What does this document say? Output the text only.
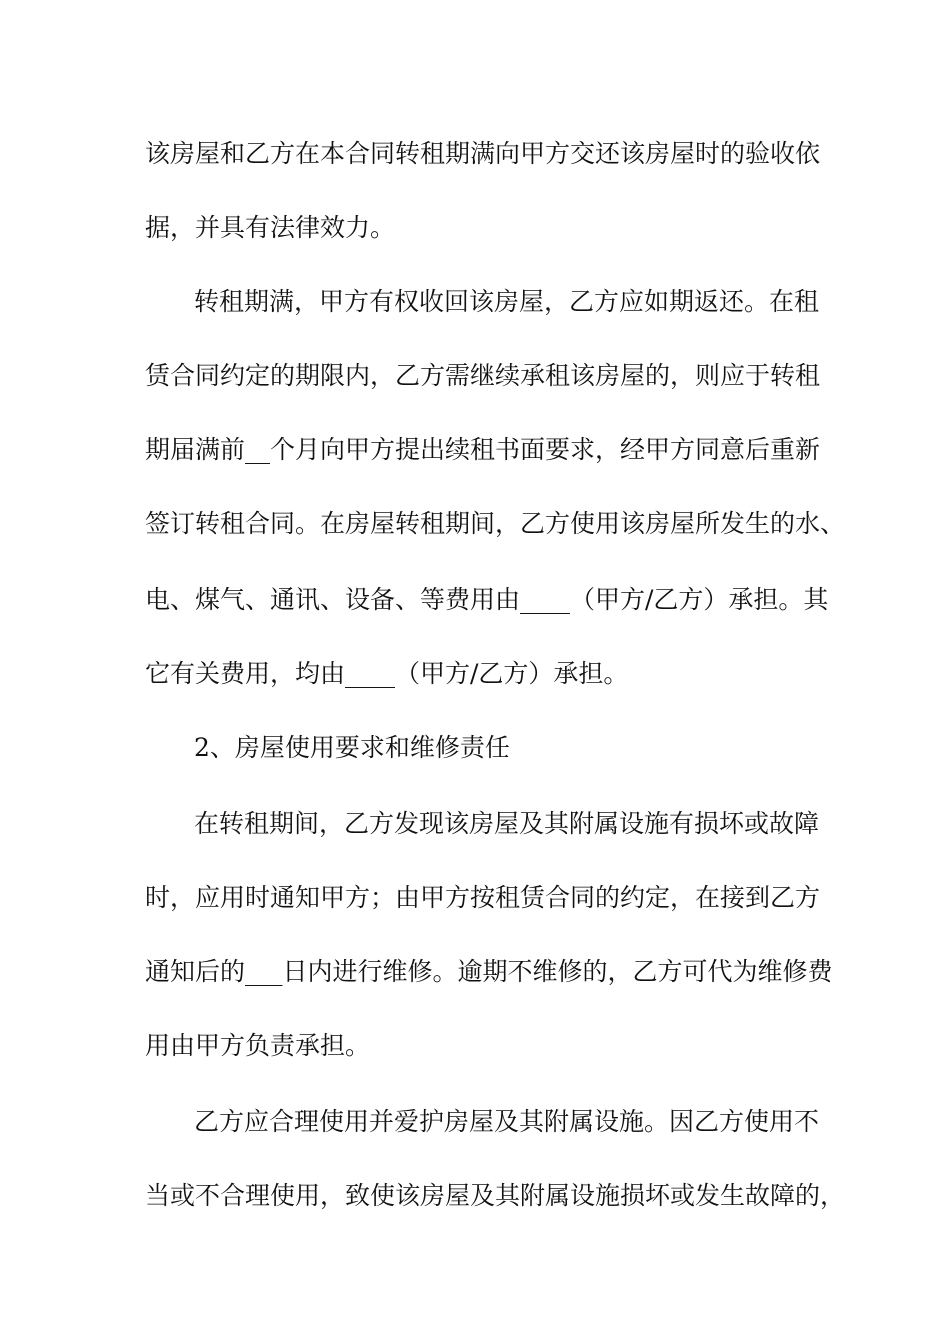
该房屋和乙方在本合同转租期满向甲方交还该房屋时的验收依
据，并具有法律效力。
转租期满，甲方有权收回该房屋，乙方应如期返还。在租
赁合同约定的期限内，乙方需继续承租该房屋的，则应于转租
期届满前__个月向甲方提出续租书面要求，经甲方同意后重新
签订转租合同。在房屋转租期间，乙方使用该房屋所发生的水、
电、煤气、通讯、设备、等费用由____（甲方/乙方）承担。其
它有关费用，均由____（甲方/乙方）承担。
2、房屋使用要求和维修责任
在转租期间，乙方发现该房屋及其附属设施有损坏或故障
时，应用时通知甲方；由甲方按租赁合同的约定，在接到乙方
通知后的___日内进行维修。逾期不维修的，乙方可代为维修费
用由甲方负责承担。
乙方应合理使用并爱护房屋及其附属设施。因乙方使用不
当或不合理使用，致使该房屋及其附属设施损坏或发生故障的，
